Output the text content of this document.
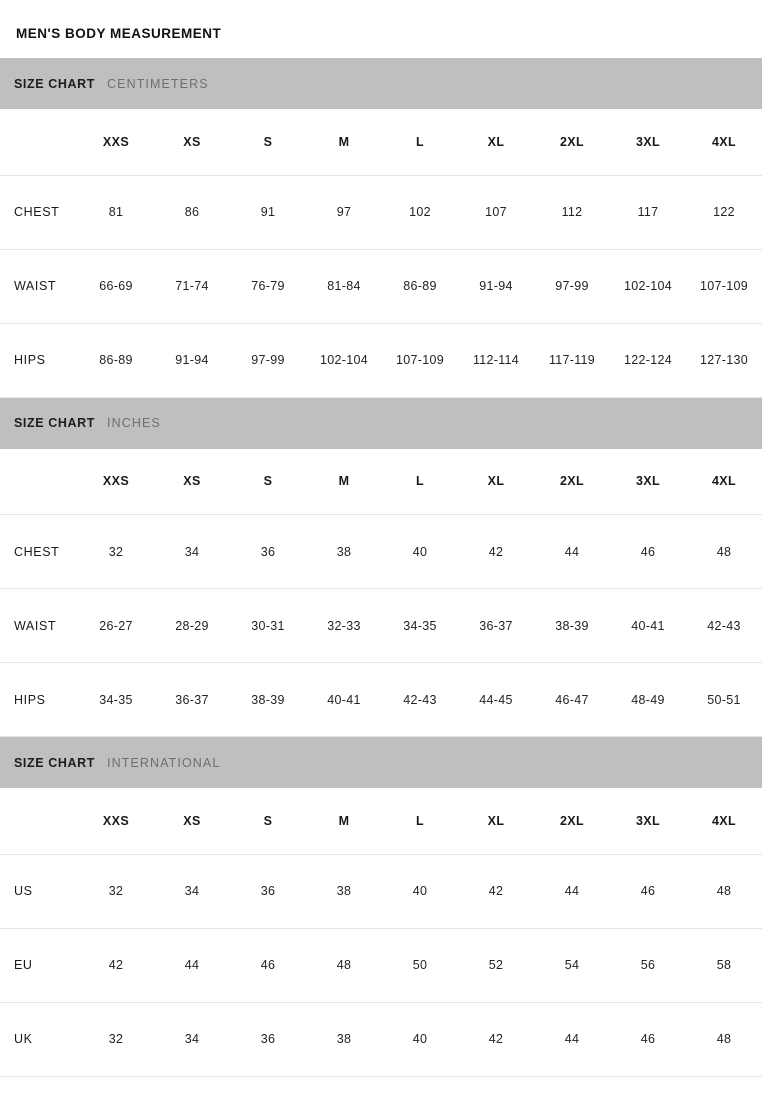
MEN'S BODY MEASUREMENT
SIZE CHART CENTIMETERS
	XXS	XS	S	M	L	XL	2XL	3XL	4XL
CHEST	81	86	91	97	102	107	112	117	122
WAIST	66-69	71-74	76-79	81-84	86-89	91-94	97-99	102-104	107-109
HIPS	86-89	91-94	97-99	102-104	107-109	112-114	117-119	122-124	127-130
SIZE CHART INCHES
	XXS	XS	S	M	L	XL	2XL	3XL	4XL
CHEST	32	34	36	38	40	42	44	46	48
WAIST	26-27	28-29	30-31	32-33	34-35	36-37	38-39	40-41	42-43
HIPS	34-35	36-37	38-39	40-41	42-43	44-45	46-47	48-49	50-51
SIZE CHART INTERNATIONAL
	XXS	XS	S	M	L	XL	2XL	3XL	4XL
US	32	34	36	38	40	42	44	46	48
EU	42	44	46	48	50	52	54	56	58
UK	32	34	36	38	40	42	44	46	48
